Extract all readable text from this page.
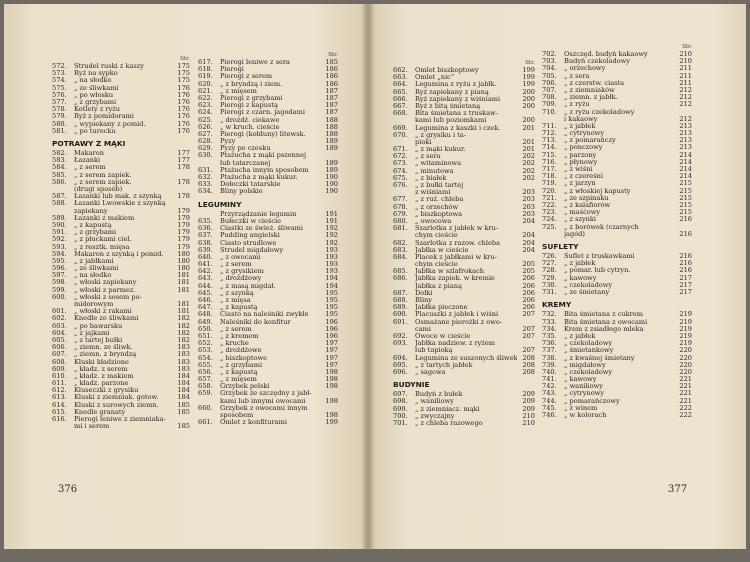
Str.
572.	Strudel ruski z kaszy	175
573.	Ryż na sypko	175
574.	„ na słodko	175
575.	„ ze śliwkami	176
576.	„ po włosku	176
577.	„ z grzybami	176
578.	Kotlety z ryżu	176
579.	Ryż z pomidorami	176
580.	„ wypiekany z pomid.	176
581.	„ po turecku	176
POTRAWY Z MĄKI
582.	Makaron	177
583.	Łazanki	177
584.	„ z serem	178
585.	„ z serem zapiek.
586.	„ z serem zapiek.	178
(drugi sposób)
587.	Łazanki lub mak. z szynką	178
588.	Łazanki Lwowskie z szynką
zapiekany	179
589.	Łazanki z makiem	179
590.	„ z kapustą	179
591.	„ z grzybami	179
592.	„ z płuckami ciel.	179
593.	„ z resztk. mięsa	179
594.	Makaron z szynką i pomid.	180
595.	„ z jabłkami	180
596.	„ ze śliwkami	180
597.	„ na słodko	181
598.	„ włoski zapiekany	181
599.	„ włoski z parmez.	181
600.	„ włoski z sosem po-
midorowym	181
601.	„ włoski z rakami	181
602.	Knedle ze śliwkami	182
603.	„ po bawarsku	182
604.	„ z jajkami	182
605.	„ z tartej bułki	182
606.	„ ziemn. ze śliwk.	183
607.	„ ziemn. z bryndzą	183
608.	Kluski kładzione	183
609.	„ kładz. z serem	183
610.	„ kładz. z makiem	184
611.	„ kładz. parzone	184
612.	Kluseczki z grysiku	184
613.	Kluski z ziemniak. gotow.	184
614.	Kluski z surowych ziemn.	185
615.	Knedle granaty	185
616.	Pierogi leniwe z ziemniaka-
mi i serem	185
Str.
617.	Pierogi leniwe z sera	185
618.	Pierogi	186
619.	Pierogi z serem	186
620.	„ z bryndzą i ziem.	186
621.	„ z mięsem	187
622.	Pierogi z grzybami	187
623.	Pierogi z kapustą	187
624.	Pierogi z czarn. jagodami	187
625.	„ drożdż. ciekawe	188
626.	„ w kruch. cieście	188
627.	Pierogi (kołduny) litewsk.	188
628.	Pyzy	189
629.	Pyzy po czesku	189
630.	Ptażucha z mąki pszennej
lub tatarczanej	189
631.	Ptażucha innym sposobem	189
632.	Ptażucha z mąki kukur.	190
633.	Dołeczki tatarskie	190
634.	Bliny polskie	190
LEGUMINY
Przyrządzanie legumin	191
635.	Bułeczki w cieście	191
636.	Ciastki ze śwież. śliwami	192
637.	Pudding angielski	192
638.	Ciasto strudlowe	192
639.	Strudel migdałowy	193
640.	„ z owocami	193
641.	„ z serem	193
642.	„ z grysikiem	193
643.	„ drożdżowy	194
644.	„ z masą migdał.	194
645.	„ z szynką	195
646.	„ z mięsa	195
647.	„ z kapustą	195
648.	Ciasto na naleśniki zwykłe	195
649.	Naleśniki do konfitur	196
650.	„ z serem	196
651.	„ z kremem	196
652.	„ kruche	197
653.	„ drożdżowe	197
654.	„ biszkoptowe	197
655.	„ z grzybami	197
656.	„ z kapustą	198
657.	„ z mięsem	198
658.	Grzybek polski	198
659.	Grzybek ze szczędny z jabł-
kami lub innymi owocami	198
660.	Grzybek z owocami innym
sposobem	198
661.	Omlet z konfiturami	199
Str.
662.	Omlet biszkoptowy	199
663.	Omlet „nic”	199
664.	Legumina z ryżu z jabłk.	199
665.	Ryż zapiekany z pianą	200
666.	Ryż zapiekany z wiśniami	200
667.	Ryż z bitą śmietaną	200
668.	Bita śmietana z truskaw-
kami lub poziomkami	200
669.	Legumina z kaszki i czek.	201
670.	„ z grysiku i ta-
pioki	201
671.	„ z mąki kukur.	201
672.	„ z sera	202
673.	„ witaminowa	202
674.	„ minutowa	202
675.	„ z białek	202
676.	„ z bułki tartej
z wiśniami	203
677.	„ z ruż. chleba	203
678.	„ z orzechów	203
679.	„ biszkoptowa	203
680.	„ owocowa	204
681.	Szarlotka z jabłek w kru-
chym cieście	204
682.	Szarlotka z razow. chleba	204
683.	Jabłka w cieście	204
684.	Placek z jabłkami w kru-
chym cieście	205
685.	Jabłka w szlafrokach	205
686.	Jabłka zapiek. w kremie	206
Jabłka z pianą	206
687.	Dołki	206
688.	Bliny	206
689.	Jabłka pieczone	206
690.	Placuszki z jabłek i wiśni	207
691.	Osmażane pierożki z owo-
cami	207
692.	Owoce w cieście	207
693.	Jabłka nadziew. z ryżem
lub tapioką	207
694.	Legumina ze suszonych śliwek 208
695.	„ z tartych jabłek	208
696.	„ ságowa	208
BUDYNIE
697.	Budyń z bułek	209
698.	„ waniliowy	209
699.	„ z ziemniacz. mąki	209
700.	„ zwyczajny	210
701.	„ z chleba razowego	210
Str.
702.	Oszczęd. budyń kakaowy	210
703.	Budyń czekoladowy	210
704.	„ orzechowy	211
705.	„ z sera	211
706.	„ z czerstw. ciasta	211
707.	„ z ziemniaków	212
708.	„ ziemn. z jabłk.	212
709.	„ z ryżu	212
710.	„ z ryżu czekoladowy
i kakaowy	212
711.	„ z jabłek	213
712.	„ cytrynowy	213
713.	„ z pomarańczy	213
714.	„ ponczowy	213
715.	„ parzony	214
716.	„ płynowy	214
717.	„ z wiśni	214
718.	„ z czereśni	214
719.	„ z jarzyn	215
720.	„ z włoskiej kapusty	215
721.	„ ze szpinaku	215
722.	„ z kalafiorów	215
723.	„ maśćowy	215
724.	„ z szynki	216
725.	„ z borówek (czarnych
jagód)	216
SUFLETY
726.	Suflet z truskawkami	216
727.	„ z jabłek	216
728.	„ pomar. lub cytryn.	216
729.	„ kawowy	217
730.	„ czekoladowy	217
731.	„ ze śmietany	217
KREMY
732.	Bita śmietana z cukrem	219
733.	Bita śmietana z owocami	219
734.	Krem z zsiadłego mleka	219
735.	„ z jabłek	219
736.	„ czekoladowy	219
737.	„ śmietankowy	220
738.	„ z kwaśnej śmietany	220
739.	„ migdałowy	220
740.	„ czekoladowy	220
741.	„ kawowy	221
742.	„ waniliowy	221
743.	„ cytrynowy	221
744.	„ pomarańczowy	221
745.	„ z winem	222
746.	„ w kolorach	222
376	377
